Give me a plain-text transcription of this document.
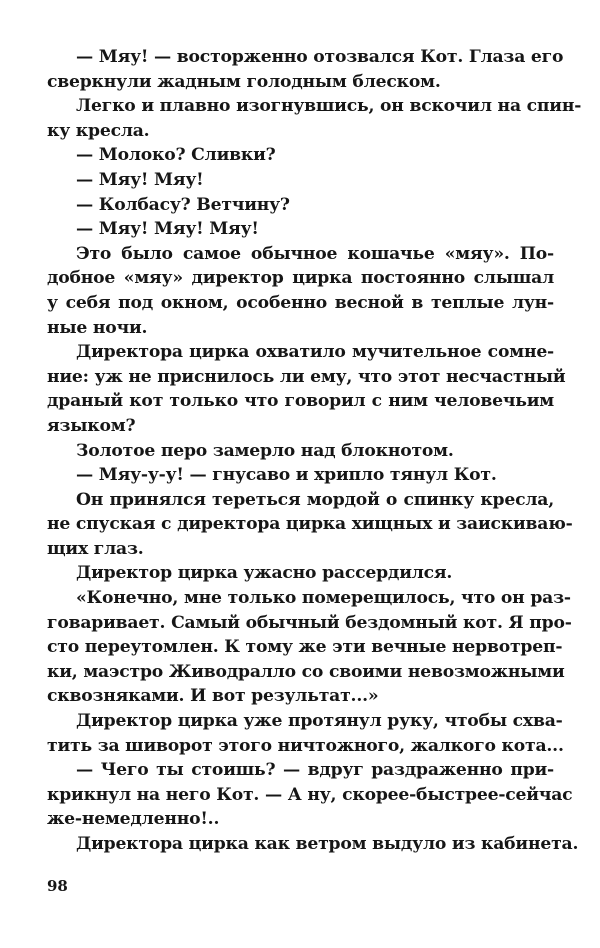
— Мяу! — восторженно отозвался Кот. Глаза его
сверкнули жадным голодным блеском.
Легко и плавно изогнувшись, он вскочил на спин-
ку кресла.
— Молоко? Сливки?
— Мяу! Мяу!
— Колбасу? Ветчину?
— Мяу! Мяу! Мяу!
Это было самое обычное кошачье «мяу». По-
добное «мяу» директор цирка постоянно слышал
у себя под окном, особенно весной в теплые лун-
ные ночи.
Директора цирка охватило мучительное сомне-
ние: уж не приснилось ли ему, что этот несчастный
драный кот только что говорил с ним человечьим
языком?
Золотое перо замерло над блокнотом.
— Мяу-у-у! — гнусаво и хрипло тянул Кот.
Он принялся тереться мордой о спинку кресла,
не спуская с директора цирка хищных и заискиваю-
щих глаз.
Директор цирка ужасно рассердился.
«Конечно, мне только померещилось, что он раз-
говаривает. Самый обычный бездомный кот. Я про-
сто переутомлен. К тому же эти вечные нервотреп-
ки, маэстро Живодралло со своими невозможными
сквозняками. И вот результат...»
Директор цирка уже протянул руку, чтобы схва-
тить за шиворот этого ничтожного, жалкого кота...
— Чего ты стоишь? — вдруг раздраженно при-
крикнул на него Кот. — А ну, скорее-быстрее-сейчас
же-немедленно!..
Директора цирка как ветром выдуло из кабинета.
98
